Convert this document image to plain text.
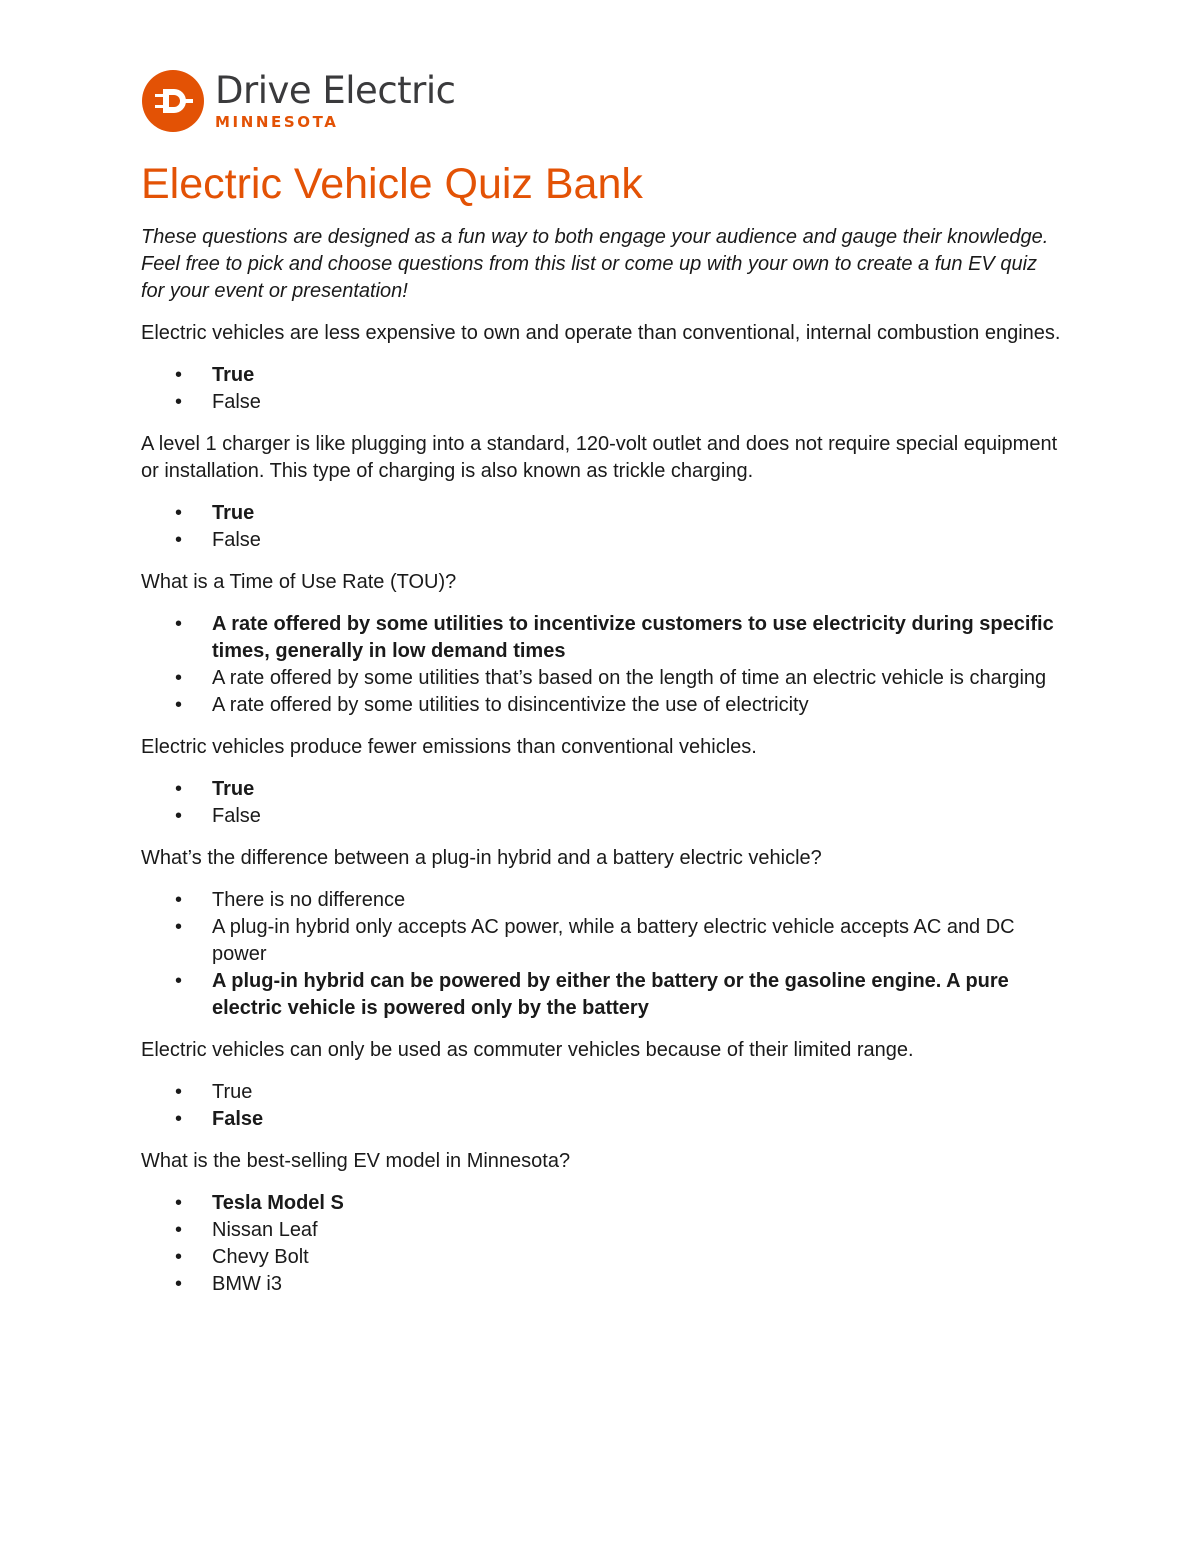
Drive Electric
MINNESOTA
Electric Vehicle Quiz Bank

These questions are designed as a fun way to both engage your audience and gauge their knowledge. Feel free to pick and choose questions from this list or come up with your own to create a fun EV quiz for your event or presentation!

Electric vehicles are less expensive to own and operate than conventional, internal combustion engines.

• True
• False

A level 1 charger is like plugging into a standard, 120-volt outlet and does not require special equipment or installation. This type of charging is also known as trickle charging.

• True
• False

What is a Time of Use Rate (TOU)?

• A rate offered by some utilities to incentivize customers to use electricity during specific times, generally in low demand times
• A rate offered by some utilities that’s based on the length of time an electric vehicle is charging
• A rate offered by some utilities to disincentivize the use of electricity

Electric vehicles produce fewer emissions than conventional vehicles.

• True
• False

What’s the difference between a plug-in hybrid and a battery electric vehicle?

• There is no difference
• A plug-in hybrid only accepts AC power, while a battery electric vehicle accepts AC and DC power
• A plug-in hybrid can be powered by either the battery or the gasoline engine. A pure electric vehicle is powered only by the battery

Electric vehicles can only be used as commuter vehicles because of their limited range.

• True
• False

What is the best-selling EV model in Minnesota?

• Tesla Model S
• Nissan Leaf
• Chevy Bolt
• BMW i3
